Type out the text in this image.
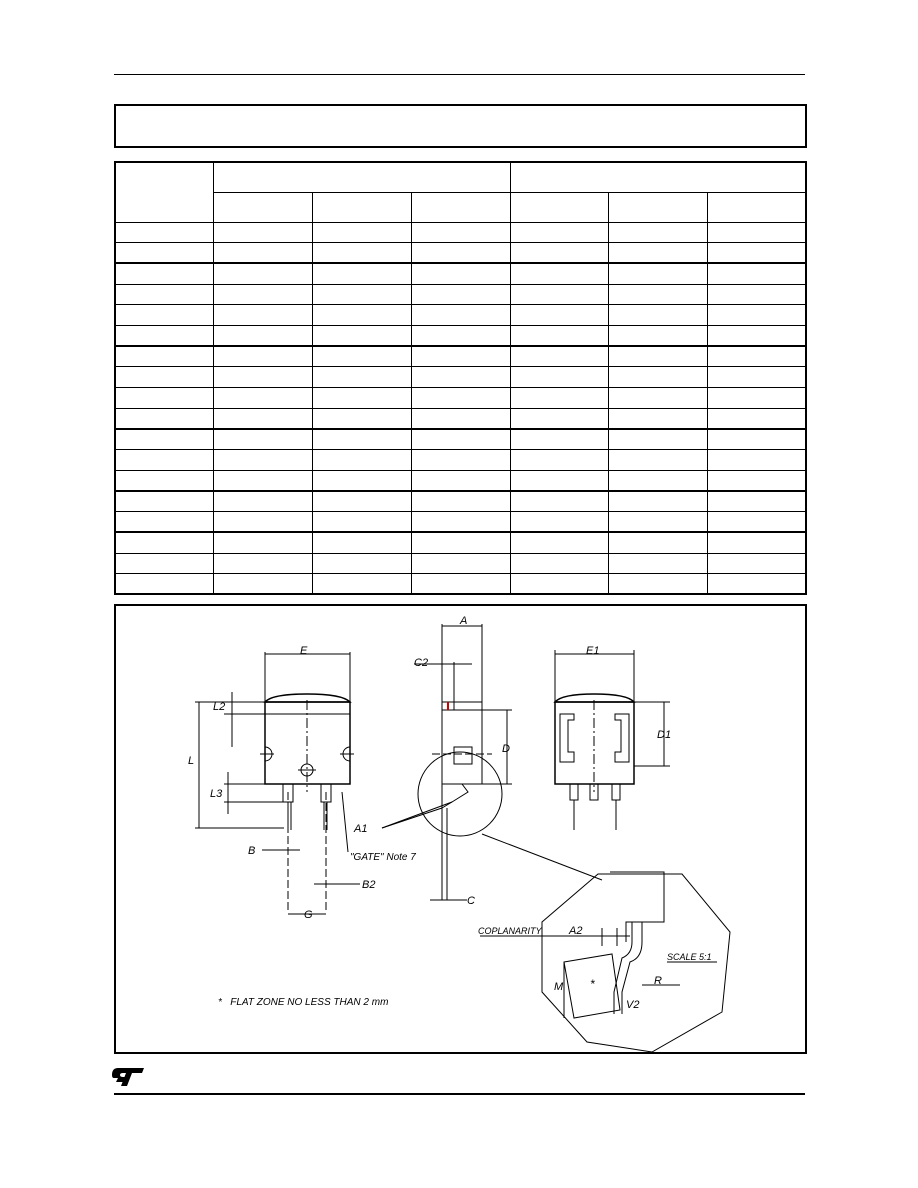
E
L2
L
L3
B
B2
G
"GATE" Note 7
A
C2
D
A1
C
E1
D1
COPLANARITY A2
SCALE 5:1
M	R
V2
*
*   FLAT ZONE NO LESS THAN 2 mm
